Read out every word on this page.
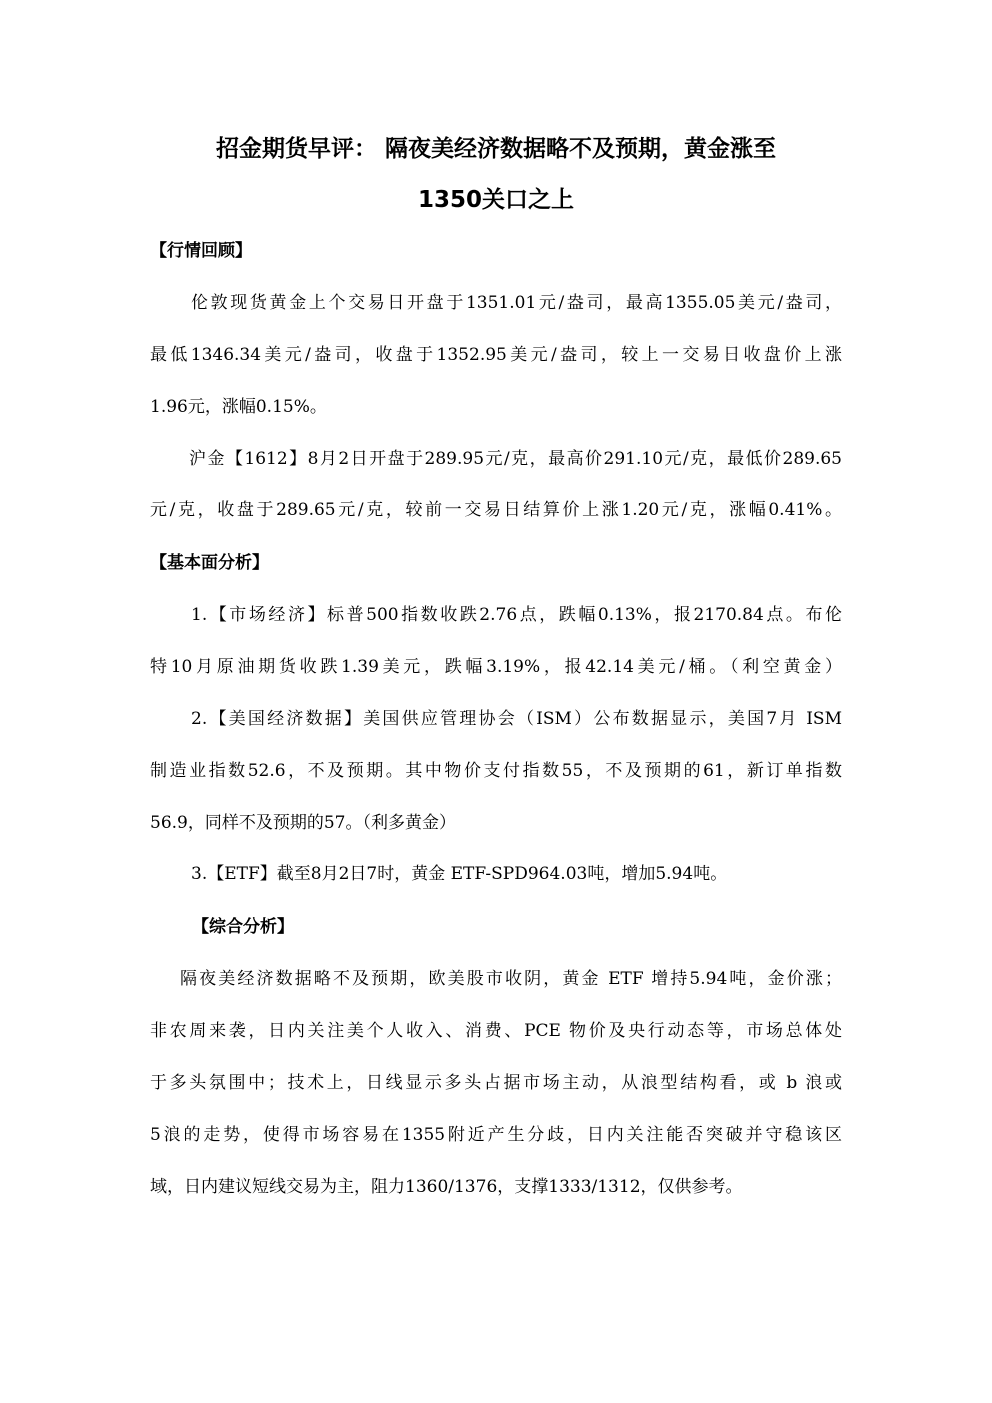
招金期货早评： 隔夜美经济数据略不及预期，黄金涨至
1350关口之上
【行情回顾】
伦敦现货黄金上个交易日开盘于1351.01元/盎司，最高1355.05美元/盎司，
最低1346.34美元/盎司，收盘于1352.95美元/盎司，较上一交易日收盘价上涨
1.96元，涨幅0.15%。
沪金【1612】8月2日开盘于289.95元/克，最高价291.10元/克，最低价289.65
元/克，收盘于289.65元/克，较前一交易日结算价上涨1.20元/克，涨幅0.41%。
【基本面分析】
1.【市场经济】标普500指数收跌2.76点，跌幅0.13%，报2170.84点。布伦
特10月原油期货收跌1.39美元，跌幅3.19%，报42.14美元/桶。（利空黄金）
2.【美国经济数据】美国供应管理协会（ISM）公布数据显示，美国7月 ISM
制造业指数52.6，不及预期。其中物价支付指数55，不及预期的61，新订单指数
56.9，同样不及预期的57。（利多黄金）
3.【ETF】截至8月2日7时，黄金 ETF-SPD964.03吨，增加5.94吨。
【综合分析】
隔夜美经济数据略不及预期，欧美股市收阴，黄金 ETF 增持5.94吨，金价涨；
非农周来袭，日内关注美个人收入、消费、PCE 物价及央行动态等，市场总体处
于多头氛围中；技术上，日线显示多头占据市场主动，从浪型结构看，或 b 浪或
5浪的走势，使得市场容易在1355附近产生分歧，日内关注能否突破并守稳该区
域，日内建议短线交易为主，阻力1360/1376，支撑1333/1312，仅供参考。
